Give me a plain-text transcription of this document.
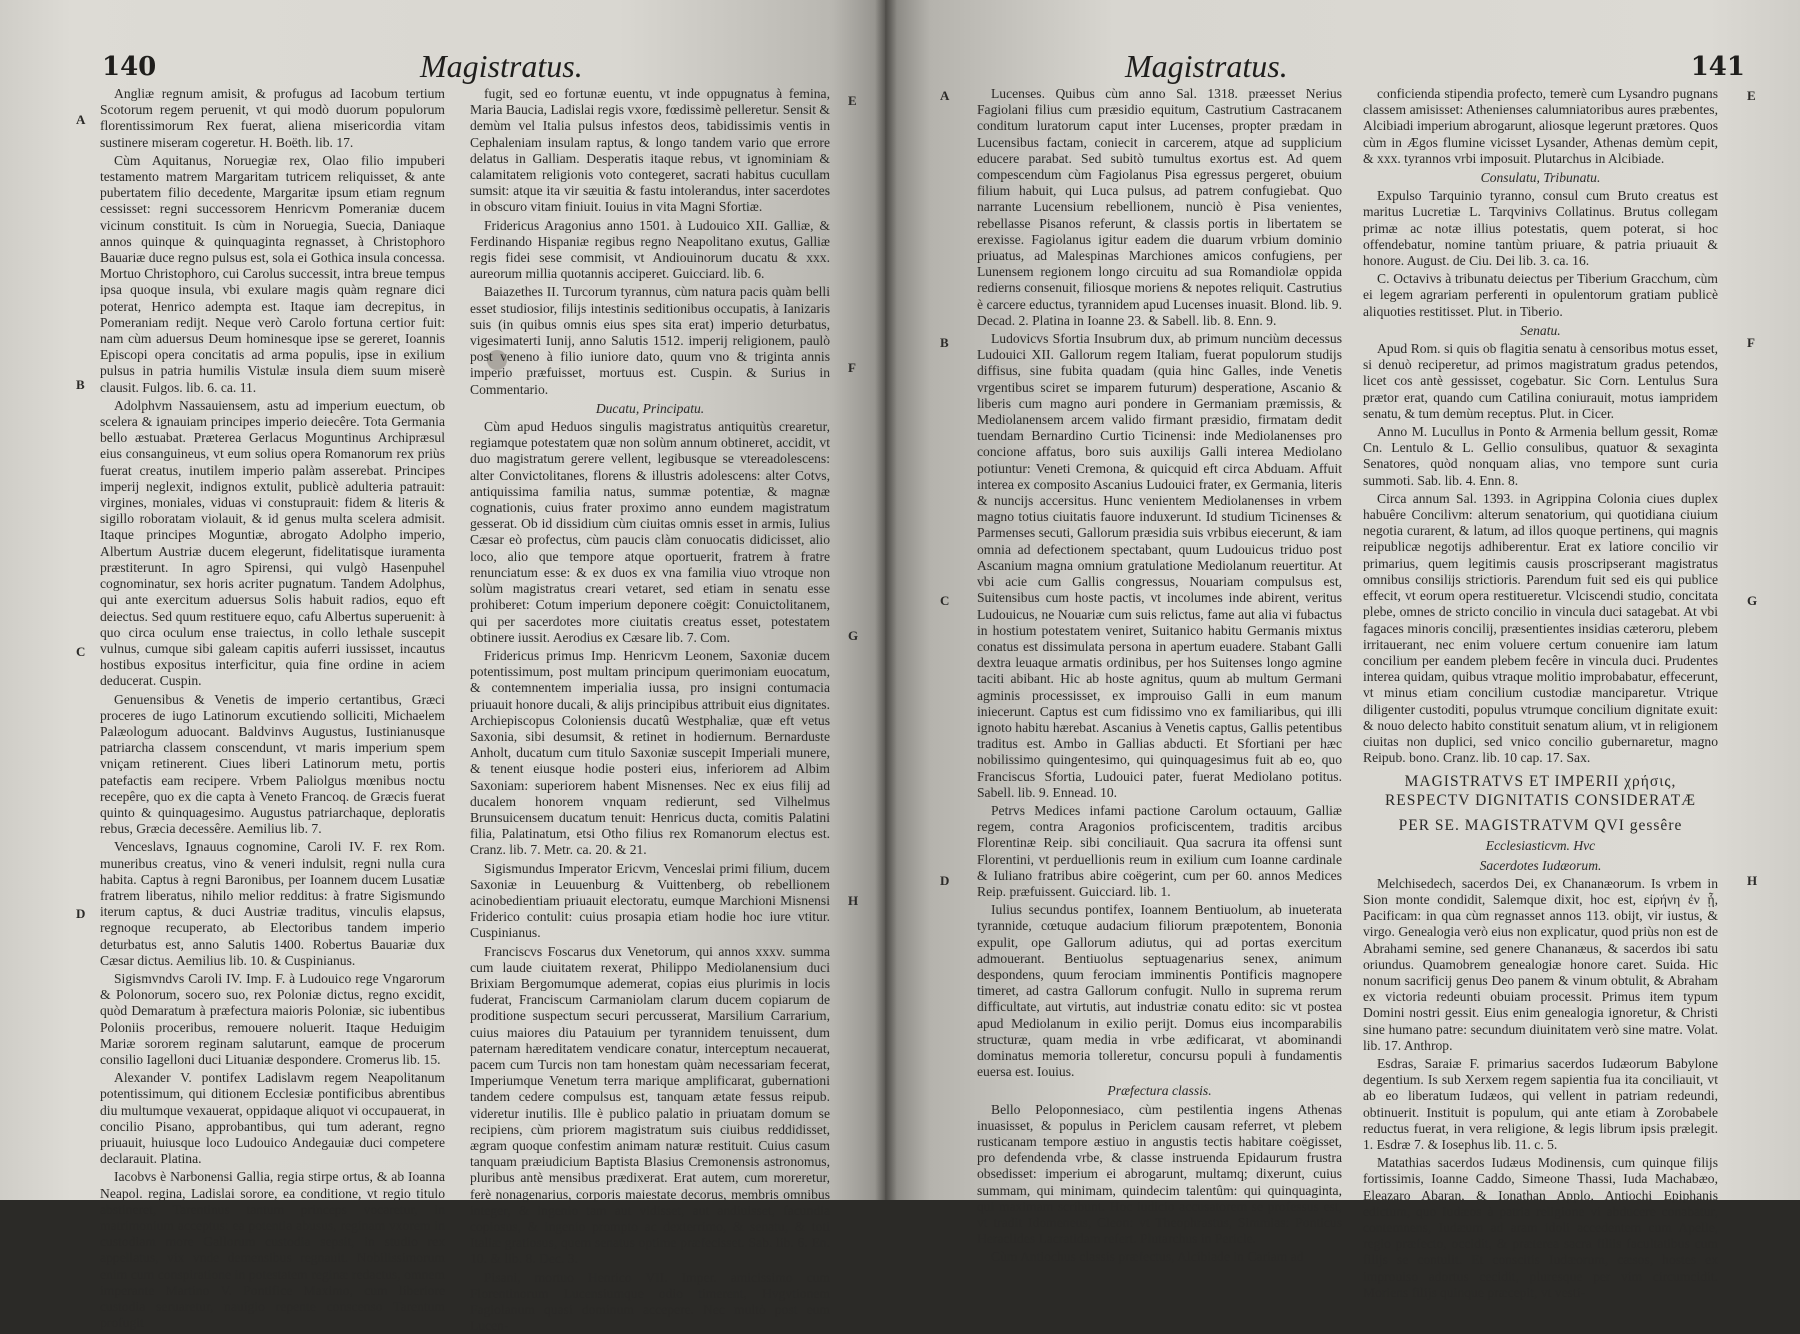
140	Magistratus.
A
B
C
D
E
F
G
H

Angliæ regnum amisit, & profugus ad Iacobum tertium Scotorum regem peruenit, vt qui modò duorum populorum florentissimorum Rex fuerat, aliena misericordia vitam sustinere miseram cogeretur. H. Boëth. lib. 17.

Cùm Aquitanus, Noruegiæ rex, Olao filio impuberi testamento matrem Margaritam tutricem reliquisset, & ante pubertatem filio decedente, Margaritæ ipsum etiam regnum cessisset: regni successorem Henricvm Pomeraniæ ducem vicinum constituit. Is cùm in Noruegia, Suecia, Daniaque annos quinque & quinquaginta regnasset, à Christophoro Bauariæ duce regno pulsus est, sola ei Gothica insula concessa. Mortuo Christophoro, cui Carolus successit, intra breue tempus ipsa quoque insula, vbi exulare magis quàm regnare dici poterat, Henrico adempta est. Itaque iam decrepitus, in Pomeraniam redijt. Neque verò Carolo fortuna certior fuit: nam cùm aduersus Deum hominesque ipse se gereret, Ioannis Episcopi opera concitatis ad arma populis, ipse in exilium pulsus in patria humilis Vistulæ insula diem suum miserè clausit. Fulgos. lib. 6. ca. 11.

Adolphvm Nassauiensem, astu ad imperium euectum, ob scelera & ignauiam principes imperio deiecêre. Tota Germania bello æstuabat. Præterea Gerlacus Moguntinus Archipræsul eius consanguineus, vt eum solius opera Romanorum rex priùs fuerat creatus, inutilem imperio palàm asserebat. Principes imperij neglexit, indignos extulit, publicè adulteria patrauit: virgines, moniales, viduas vi constuprauit: fidem & literis & sigillo roboratam violauit, & id genus multa scelera admisit. Itaque principes Moguntiæ, abrogato Adolpho imperio, Albertum Austriæ ducem elegerunt, fidelitatisque iuramenta præstiterunt. In agro Spirensi, qui vulgò Hasenpuhel cognominatur, sex horis acriter pugnatum. Tandem Adolphus, qui ante exercitum aduersus Solis habuit radios, equo eft deiectus. Sed quum restituere equo, cafu Albertus superuenit: à quo circa oculum ense traiectus, in collo lethale suscepit vulnus, cumque sibi galeam capitis auferri iussisset, incautus hostibus expositus interficitur, quia fine ordine in aciem deducerat. Cuspin.

Genuensibus & Venetis de imperio certantibus, Græci proceres de iugo Latinorum excutiendo solliciti, Michaelem Palæologum aduocant. Baldvinvs Augustus, Iustinianusque patriarcha classem conscendunt, vt maris imperium spem vniçam retinerent. Ciues liberi Latinorum metu, portis patefactis eam recipere. Vrbem Paliolgus mœnibus noctu recepêre, quo ex die capta à Veneto Francoq. de Græcis fuerat quinto & quinquagesimo. Augustus patriarchaque, deploratis rebus, Græcia decessêre. Aemilius lib. 7.

Venceslavs, Ignauus cognomine, Caroli IV. F. rex Rom. muneribus creatus, vino & veneri indulsit, regni nulla cura habita. Captus à regni Baronibus, per Ioannem ducem Lusatiæ fratrem liberatus, nihilo melior redditus: à fratre Sigismundo iterum captus, & duci Austriæ traditus, vinculis elapsus, regnoque recuperato, ab Electoribus tandem imperio deturbatus est, anno Salutis 1400. Robertus Bauariæ dux Cæsar dictus. Aemilius lib. 10. & Cuspinianus.

Sigismvndvs Caroli IV. Imp. F. à Ludouico rege Vngarorum & Polonorum, socero suo, rex Poloniæ dictus, regno excidit, quòd Demaratum à præfectura maioris Poloniæ, sic iubentibus Poloniis proceribus, remouere noluerit. Itaque Heduigim Mariæ sororem reginam salutarunt, eamque de procerum consilio Iagelloni duci Lituaniæ despondere. Cromerus lib. 15.

Alexander V. pontifex Ladislavm regem Neapolitanum potentissimum, qui ditionem Ecclesiæ pontificibus abrentibus diu multumque vexauerat, oppidaque aliquot vi occupauerat, in concilio Pisano, approbantibus, qui tum aderant, regno priuauit, huiusque loco Ludouico Andegauiæ duci competere declarauit. Platina.

Iacobvs è Narbonensi Gallia, regia stirpe ortus, & ab Ioanna Neapol. regina, Ladislai sorore, ea conditione, vt regio titulo abstineret, Tarentinus tantum princeps vocaretur, in matrimonium acceptus: ea potentia abusus, reginam vxorem in custodiam more Gallorum custodia sepsit, in studio rex appellatus, vix vnde demensibus regnauit. Nobilissimorum enim cum conspiratione in potestatem reginæ redactus, omnem imperante Martino V. Pontifice Maximo, cum liberiore custodia seruaretur, nauigio repente conscenso Tarentum profugit

fugit, sed eo fortunæ euentu, vt inde oppugnatus à femina, Maria Baucia, Ladislai regis vxore, fœdissimè pelleretur. Sensit & demùm vel Italia pulsus infestos deos, tabidissimis ventis in Cephaleniam insulam raptus, & longo tandem vario que errore delatus in Galliam. Desperatis itaque rebus, vt ignominiam & calamitatem religionis voto contegeret, sacrati habitus cucullam sumsit: atque ita vir sæuitia & fastu intolerandus, inter sacerdotes in obscuro vitam finiuit. Iouius in vita Magni Sfortiæ.

Fridericus Aragonius anno 1501. à Ludouico XII. Galliæ, & Ferdinando Hispaniæ regibus regno Neapolitano exutus, Galliæ regis fidei sese commisit, vt Andiouinorum ducatu & xxx. aureorum millia quotannis acciperet. Guicciard. lib. 6.

Baiazethes II. Turcorum tyrannus, cùm natura pacis quàm belli esset studiosior, filijs intestinis seditionibus occupatis, à Ianizaris suis (in quibus omnis eius spes sita erat) imperio deturbatus, vigesimaterti Iunij, anno Salutis 1512. imperij religionem, paulò post veneno à filio iuniore dato, quum vno & triginta annis imperio præfuisset, mortuus est. Cuspin. & Surius in Commentario.

Ducatu, Principatu.

Cùm apud Heduos singulis magistratus antiquitùs crearetur, regiamque potestatem quæ non solùm annum obtineret, accidit, vt duo magistratum gerere vellent, legibusque se vtereadolescens: alter Convictolitanes, florens & illustris adolescens: alter Cotvs, antiquissima familia natus, summæ potentiæ, & magnæ cognationis, cuius frater proximo anno eundem magistratum gesserat. Ob id dissidium cùm ciuitas omnis esset in armis, Iulius Cæsar eò profectus, cùm paucis clàm conuocatis didicisset, alio loco, alio que tempore atque oportuerit, fratrem à fratre renunciatum esse: & ex duos ex vna familia viuo vtroque non solùm magistratus creari vetaret, sed etiam in senatu esse prohiberet: Cotum imperium deponere coëgit: Conuictolitanem, qui per sacerdotes more ciuitatis creatus esset, potestatem obtinere iussit. Aerodius ex Cæsare lib. 7. Com.

Fridericus primus Imp. Henricvm Leonem, Saxoniæ ducem potentissimum, post multam principum querimoniam euocatum, & contemnentem imperialia iussa, pro insigni contumacia priuauit honore ducali, & alijs principibus attribuit eius dignitates. Archiepiscopus Coloniensis ducatû Westphaliæ, quæ eft vetus Saxonia, sibi desumsit, & retinet in hodiernum. Bernarduste Anholt, ducatum cum titulo Saxoniæ suscepit Imperiali munere, & tenent eiusque hodie posteri eius, inferiorem ad Albim Saxoniam: superiorem habent Misnenses. Nec ex eius filij ad ducalem honorem vnquam redierunt, sed Vilhelmus Brunsuicensem ducatum tenuit: Henricus ducta, comitis Palatini filia, Palatinatum, etsi Otho filius rex Romanorum electus est. Cranz. lib. 7. Metr. ca. 20. & 21.

Sigismundus Imperator Ericvm, Venceslai primi filium, ducem Saxoniæ in Leuuenburg & Vuittenberg, ob rebellionem acinobedientiam priuauit electoratu, eumque Marchioni Misnensi Friderico contulit: cuius prosapia etiam hodie hoc iure vtitur. Cuspinianus.

Franciscvs Foscarus dux Venetorum, qui annos xxxv. summa cum laude ciuitatem rexerat, Philippo Mediolanensium duci Brixiam Bergomumque ademerat, copias eius plurimis in locis fuderat, Franciscum Carmaniolam clarum ducem copiarum de proditione suspectum securi percusserat, Marsilium Carrarium, cuius maiores diu Patauium per tyrannidem tenuissent, dum paternam hæreditatem vendicare conatur, interceptum necauerat, pacem cum Turcis non tam honestam quàm necessariam fecerat, Imperiumque Venetum terra marique amplificarat, gubernationi tandem cedere compulsus est, tanquam ætate fessus reipub. videretur inutilis. Ille è publico palatio in priuatam domum se recipiens, cùm priorem magistratum suis ciuibus reddidisset, ægram quoque confestim animam naturæ restituit. Cuius casum tanquam præiudicium Baptista Blasius Cremonensis astronomus, pluribus antè mensibus prædixerat. Erat autem, cum moreretur, ferè nonagenarius, corporis maiestate decorus, membris omnibus integer, & ingenio tam aut vidisset, aut andiuisset, facundia copiosus, & ingenio prompto ac dexterrimo, & senatu, & toti Italiæ gratiosus, quem senatus optime præfecisset. Sab. lib. 6. En. 10. & lib. 8. Dec. 3.

Pisani, mortuo Henrico VII. Imper. amicissimo cum Florentinorum Lucensiumque odio timerent, Hvgvtionem Fagiolanum quasi dominum accepere. Nec multò post eum Lucen-

Magistratus.	141
A
B
C
D
E
F
G
H

Lucenses. Quibus cùm anno Sal. 1318. præesset Nerius Fagiolani filius cum præsidio equitum, Castrutium Castracanem conditum luratorum caput inter Lucenses, propter prædam in Lucensibus factam, coniecit in carcerem, atque ad supplicium educere parabat. Sed subitò tumultus exortus est. Ad quem compescendum cùm Fagiolanus Pisa egressus pergeret, obuium filium habuit, qui Luca pulsus, ad patrem confugiebat. Quo narrante Lucensium rebellionem, nunciò è Pisa venientes, rebellasse Pisanos referunt, & classis portis in libertatem se erexisse. Fagiolanus igitur eadem die duarum vrbium dominio priuatus, ad Malespinas Marchiones amicos confugiens, per Lunensem regionem longo circuitu ad sua Romandiolæ oppida redierns consenuit, filiosque moriens & nepotes reliquit. Castrutius è carcere eductus, tyrannidem apud Lucenses inuasit. Blond. lib. 9. Decad. 2. Platina in Ioanne 23. & Sabell. lib. 8. Enn. 9.

Ludovicvs Sfortia Insubrum dux, ab primum nunciùm decessus Ludouici XII. Gallorum regem Italiam, fuerat populorum studijs diffisus, sine fubita quadam (quia hinc Galles, inde Venetis vrgentibus sciret se imparem futurum) desperatione, Ascanio & liberis cum magno auri pondere in Germaniam præmissis, & Mediolanensem arcem valido firmant præsidio, firmatam dedit tuendam Bernardino Curtio Ticinensi: inde Mediolanenses pro concione affatus, boro suis auxilijs Galli interea Mediolano potiuntur: Veneti Cremona, & quicquid eft circa Abduam. Affuit interea ex composito Ascanius Ludouici frater, ex Germania, literis & nuncijs accersitus. Hunc venientem Mediolanenses in vrbem magno totius ciuitatis fauore induxerunt. Id studium Ticinenses & Parmenses secuti, Gallorum præsidia suis vrbibus eiecerunt, & iam omnia ad defectionem spectabant, quum Ludouicus triduo post Ascanium magna omnium gratulatione Mediolanum reuertitur. At vbi acie cum Gallis congressus, Nouariam compulsus est, Suitensibus cum hoste pactis, vt incolumes inde abirent, veritus Ludouicus, ne Nouariæ cum suis relictus, fame aut alia vi fubactus in hostium potestatem veniret, Suitanico habitu Germanis mixtus conatus est dissimulata persona in apertum euadere. Stabant Galli dextra leuaque armatis ordinibus, per hos Suitenses longo agmine taciti abibant. Hic ab hoste agnitus, quum ab multum Germani agminis processisset, ex improuiso Galli in eum manum iniecerunt. Captus est cum fidissimo vno ex familiaribus, qui illi ignoto habitu hærebat. Ascanius à Venetis captus, Gallis petentibus traditus est. Ambo in Gallias abducti. Et Sfortiani per hæc nobilissimo quingentesimo, qui quinquagesimus fuit ab eo, quo Franciscus Sfortia, Ludouici pater, fuerat Mediolano potitus. Sabell. lib. 9. Ennead. 10.

Petrvs Medices infami pactione Carolum octauum, Galliæ regem, contra Aragonios proficiscentem, traditis arcibus Florentinæ Reip. sibi conciliauit. Qua sacrura ita offensi sunt Florentini, vt perduellionis reum in exilium cum Ioanne cardinale & Iuliano fratribus abire coëgerint, cum per 60. annos Medices Reip. præfuissent. Guicciard. lib. 1.

Iulius secundus pontifex, Ioannem Bentiuolum, ab inueterata tyrannide, cœtuque audacium filiorum præpotentem, Bononia expulit, ope Gallorum adiutus, qui ad portas exercitum admouerant. Bentiuolus septuagenarius senex, animum despondens, quum ferociam imminentis Pontificis magnopere timeret, ad castra Gallorum confugit. Nullo in suprema rerum difficultate, aut virtutis, aut industriæ conatu edito: sic vt postea apud Mediolanum in exilio perijt. Domus eius incomparabilis structuræ, quam media in vrbe ædificarat, vt abominandi dominatus memoria tolleretur, concursu populi à fundamentis euersa est. Iouius.

Præfectura classis.

Bello Peloponnesiaco, cùm pestilentia ingens Athenas inuasisset, & populus in Periclem causam referret, vt plebem rusticanam tempore æstiuo in angustis tectis habitare coëgisset, pro defendenda vrbe, & classe instruenda Epidaurum frustra obsedisset: imperium ei abrogarunt, multamq; dixerunt, cuius summam, qui minimam, quindecim talentûm: qui quinquaginta, qui maximam scribunt. Hoc iudicio accusatorem se professus est, vt tradit Idomeneus, Cleon: vt Theophrastus, Simmias: Ponticus Heraclides Lacratidam refert. Plutarchus in Pericle.

Cùm Antiochus classis præfectus, Alcibiade in Cariam ad

conficienda stipendia profecto, temerè cum Lysandro pugnans classem amisisset: Athenienses calumniatoribus aures præbentes, Alcibiadi imperium abrogarunt, aliosque legerunt prætores. Quos cùm in Ægos flumine vicisset Lysander, Athenas demùm cepit, & xxx. tyrannos vrbi imposuit. Plutarchus in Alcibiade.

Consulatu, Tribunatu.

Expulso Tarquinio tyranno, consul cum Bruto creatus est maritus Lucretiæ L. Tarqvinivs Collatinus. Brutus collegam primæ ac notæ illius potestatis, quem poterat, si hoc offendebatur, nomine tantùm priuare, & patria priuauit & honore. August. de Ciu. Dei lib. 3. ca. 16.

C. Octavivs à tribunatu deiectus per Tiberium Gracchum, cùm ei legem agrariam perferenti in opulentorum gratiam publicè aliquoties restitisset. Plut. in Tiberio.

Senatu.

Apud Rom. si quis ob flagitia senatu à censoribus motus esset, si denuò reciperetur, ad primos magistratum gradus petendos, licet cos antè gessisset, cogebatur. Sic Corn. Lentulus Sura prætor erat, quando cum Catilina coniurauit, motus iampridem senatu, & tum demùm receptus. Plut. in Cicer.

Anno M. Lucullus in Ponto & Armenia bellum gessit, Romæ Cn. Lentulo & L. Gellio consulibus, quatuor & sexaginta Senatores, quòd nonquam alias, vno tempore sunt curia summoti. Sab. lib. 4. Enn. 8.

Circa annum Sal. 1393. in Agrippina Colonia ciues duplex habuêre Concilivm: alterum senatorium, qui quotidiana ciuium negotia curarent, & latum, ad illos quoque pertinens, qui magnis reipublicæ negotijs adhiberentur. Erat ex latiore concilio vir primarius, quem legitimis causis proscripserant magistratus omnibus consilijs strictioris. Parendum fuit sed eis qui publice effecit, vt eorum opera restitueretur. Vlciscendi studio, concitata plebe, omnes de stricto concilio in vincula duci satagebat. At vbi fagaces minoris concilij, præsentientes insidias cæteroru, plebem irritauerant, nec enim voluere certum conuenire iam latum concilium per eandem plebem fecêre in vincula duci. Prudentes interea quidam, quibus vtraque molitio improbabatur, effecerunt, vt minus etiam concilium custodiæ manciparetur. Vtrique diligenter custoditi, populus vtrumque concilium dignitate exuit: & nouo delecto habito constituit senatum alium, vt in religionem ciuitas non duplici, sed vnico concilio gubernaretur, magno Reipub. bono. Cranz. lib. 10 cap. 17. Sax.

MAGISTRATVS ET IMPERII χρήσις, RESPECTV DIGNITATIS CONSIDERATÆ

PER SE. MAGISTRATVM QVI gessêre

Ecclesiasticvm. Hvc

Sacerdotes Iudæorum.

Melchisedech, sacerdos Dei, ex Chananæorum. Is vrbem in Sion monte condidit, Salemque dixit, hoc est, εἰρήνη ἐν ᾗ, Pacificam: in qua cùm regnasset annos 113. obijt, vir iustus, & virgo. Genealogia verò eius non explicatur, quod priùs non est de Abrahami semine, sed genere Chananæus, & sacerdos ibi satu oriundus. Quamobrem genealogiæ honore caret. Suida. Hic nonum sacrificij genus Deo panem & vinum obtulit, & Abraham ex victoria redeunti obuiam processit. Primus item typum Domini nostri gessit. Eius enim genealogia ignoretur, & Christi sine humano patre: secundum diuinitatem verò sine matre. Volat. lib. 17. Anthrop.

Esdras, Saraiæ F. primarius sacerdos Iudæorum Babylone degentium. Is sub Xerxem regem sapientia fua ita conciliauit, vt ab eo liberatum Iudæos, qui vellent in patriam redeundi, obtinuerit. Instituit is populum, qui ante etiam à Zorobabele reductus fuerat, in vera religione, & legis librum ipsis prælegit. 1. Esdræ 7. & Iosephus lib. 11. c. 5.

Matathias sacerdos Iudæus Modinensis, cum quinque filijs fortissimis, Ioanne Caddo, Simeone Thassi, Iuda Machabæo, Eleazaro Abaran, & Ionathan Applo, Antiochi Epiphanis edictum, quo Iudæos à patria religione vi abducere conabatur, contemnens, Iudæum ad aram idoli accedentem cum Apelle, regio præfecto, occidit, & præterea sacra filiis facultatibus cum filijs se contulit. Et conscitis Iudæorum, cæsos, hostes ex improuiso adortus cecidit, pluresque per vim circumcidit. Moriens filijs quinque præcepit, vt vesti-
